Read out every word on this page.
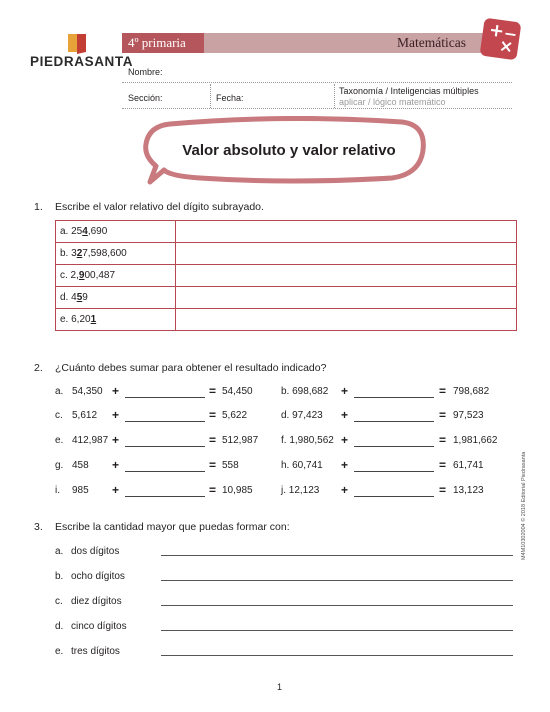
PIEDRASANTA
4º primaria	Matemáticas
+
−
×
Nombre:
Sección:	Fecha:
Taxonomía / Inteligencias múltiples
aplicar / lógico matemático
Valor absoluto y valor relativo
1. Escribe el valor relativo del dígito subrayado.
a. 254,690	
b. 327,598,600	
c. 2,900,487	
d. 459	
e. 6,201	
2. ¿Cuánto debes sumar para obtener el resultado indicado?
a. 54,350 +	= 54,450
c. 5,612 +	= 5,622
e. 412,987 +	= 512,987
g. 458 +	= 558
i. 985 +	= 10,985
b. 698,682 +	= 798,682
d. 97,423 +	= 97,523
f. 1,980,562 +	= 1,981,662
h. 60,741 +	= 61,741
j. 12,123 +	= 13,123
3. Escribe la cantidad mayor que puedas formar con:
a. dos dígitos
b. ocho dígitos
c. diez dígitos
d. cinco dígitos
e. tres dígitos
M4M10302004 © 2018 Editorial Piedrasanta
1
